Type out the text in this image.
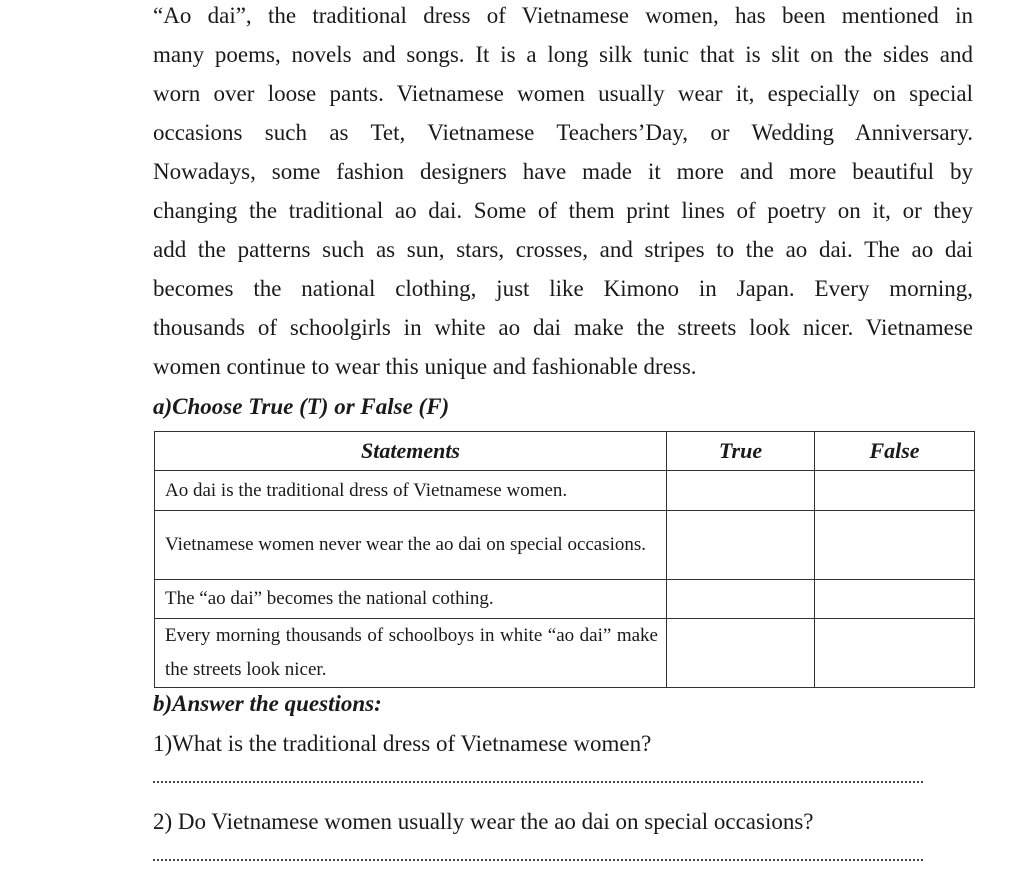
“Ao dai”, the traditional dress of Vietnamese women, has been mentioned in
many poems, novels and songs. It is a long silk tunic that is slit on the sides and
worn over loose pants. Vietnamese women usually wear it, especially on special
occasions such as Tet, Vietnamese Teachers’Day, or Wedding Anniversary.
Nowadays, some fashion designers have made it more and more beautiful by
changing the traditional ao dai. Some of them print lines of poetry on it, or they
add the patterns such as sun, stars, crosses, and stripes to the ao dai. The ao dai
becomes the national clothing, just like Kimono in Japan. Every morning,
thousands of schoolgirls in white ao dai make the streets look nicer. Vietnamese
women continue to wear this unique and fashionable dress.
a)Choose True (T) or False (F)
Statements	True	False
Ao dai is the traditional dress of Vietnamese women.		
Vietnamese women never wear the ao dai on special occasions.		
The “ao dai” becomes the national cothing.		
Every morning thousands of schoolboys in white “ao dai” make the streets look nicer.		
b)Answer the questions:
1)What is the traditional dress of Vietnamese women?
2) Do Vietnamese women usually wear the ao dai on special occasions?
